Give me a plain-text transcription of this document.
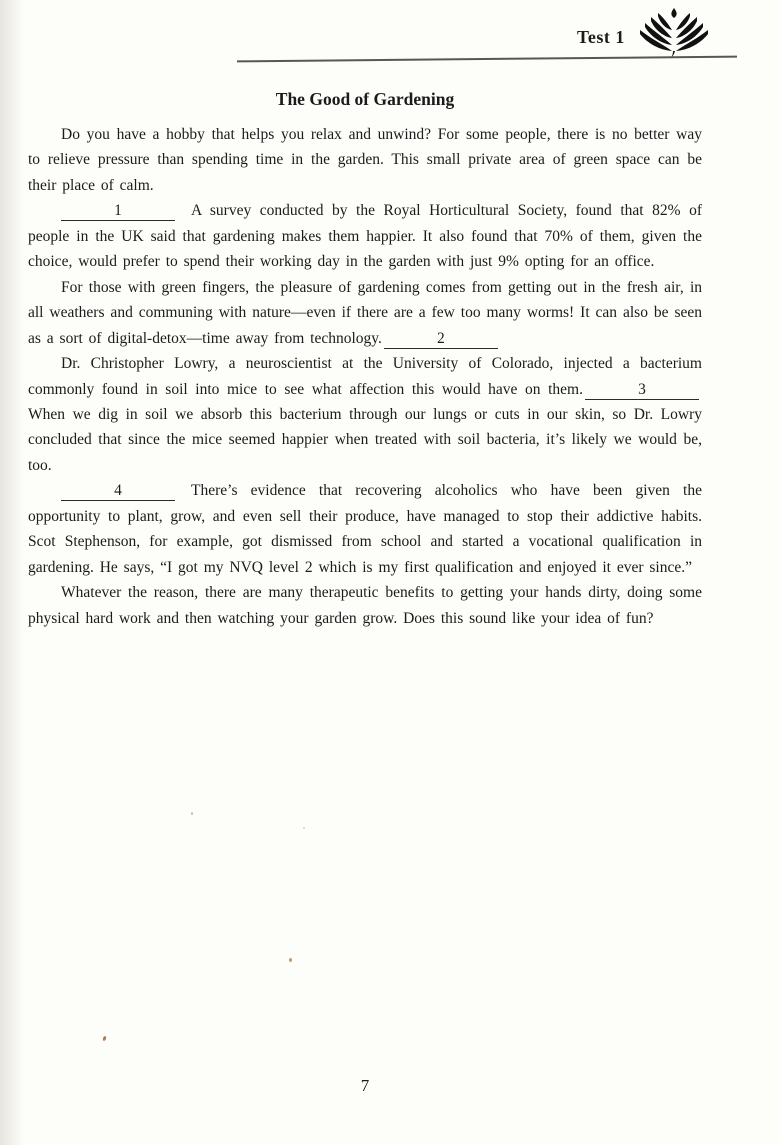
Test 1
The Good of Gardening

Do you have a hobby that helps you relax and unwind? For some people, there is no better way to relieve pressure than spending time in the garden. This small private area of green space can be their place of calm.

1	A survey conducted by the Royal Horticultural Society, found that 82% of people in the UK said that gardening makes them happier. It also found that 70% of them, given the choice, would prefer to spend their working day in the garden with just 9% opting for an office.

For those with green fingers, the pleasure of gardening comes from getting out in the fresh air, in all weathers and communing with nature—even if there are a few too many worms! It can also be seen as a sort of digital-detox—time away from technology.	2

Dr. Christopher Lowry, a neuroscientist at the University of Colorado, injected a bacterium commonly found in soil into mice to see what affection this would have on them.	3When we dig in soil we absorb this bacterium through our lungs or cuts in our skin, so Dr. Lowry concluded that since the mice seemed happier when treated with soil bacteria, it’s likely we would be, too.

4	There’s evidence that recovering alcoholics who have been given the opportunity to plant, grow, and even sell their produce, have managed to stop their addictive habits. Scot Stephenson, for example, got dismissed from school and started a vocational qualification in gardening. He says, “I got my NVQ level 2 which is my first qualification and enjoyed it ever since.”

Whatever the reason, there are many therapeutic benefits to getting your hands dirty, doing some physical hard work and then watching your garden grow. Does this sound like your idea of fun?

7
